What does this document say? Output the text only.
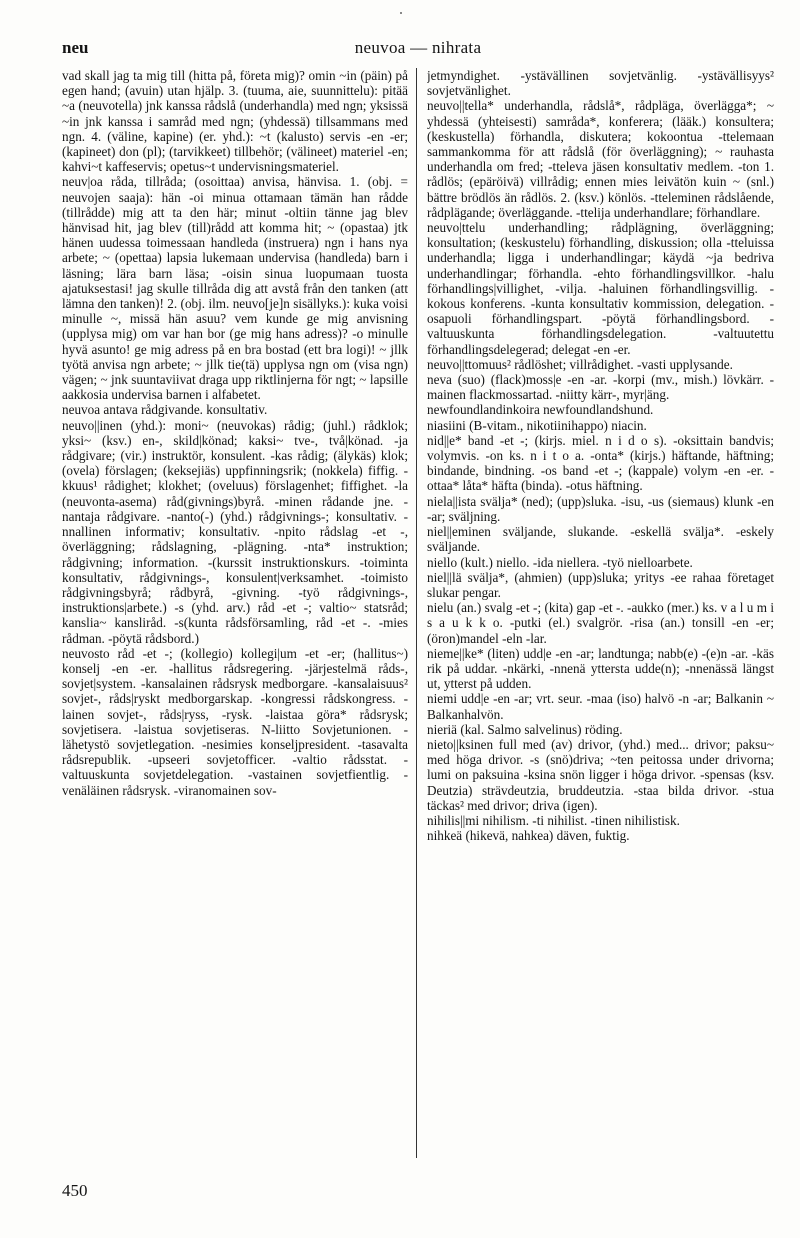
neu	neuvoa — nihrata

vad skall jag ta mig till (hitta på, företa mig)? omin ~in (päin) på egen hand; (avuin) utan hjälp. 3. (tuuma, aie, suunnittelu): pitää ~a (neuvotella) jnk kanssa rådslå (underhandla) med ngn; yksissä ~in jnk kanssa i samråd med ngn; (yhdessä) tillsammans med ngn. 4. (väline, kapine) (er. yhd.): ~t (kalusto) servis -en -er; (kapineet) don (pl); (tarvikkeet) tillbehör; (välineet) materiel -en; kahvi~t kaffeservis; opetus~t undervisningsmateriel.

neuv|oa råda, tillråda; (osoittaa) anvisa, hänvisa. 1. (obj. = neuvojen saaja): hän -oi minua ottamaan tämän han rådde (tillrådde) mig att ta den här; minut -oltiin tänne jag blev hänvisad hit, jag blev (till)rådd att komma hit; ~ (opastaa) jtk hänen uudessa toimessaan handleda (instruera) ngn i hans nya arbete; ~ (opettaa) lapsia lukemaan undervisa (handleda) barn i läsning; lära barn läsa; -oisin sinua luopumaan tuosta ajatuksestasi! jag skulle tillråda dig att avstå från den tanken (att lämna den tanken)! 2. (obj. ilm. neuvo[je]n sisällyks.): kuka voisi minulle ~, missä hän asuu? vem kunde ge mig anvisning (upplysa mig) om var han bor (ge mig hans adress)? -o minulle hyvä asunto! ge mig adress på en bra bostad (ett bra logi)! ~ jllk työtä anvisa ngn arbete; ~ jllk tie(tä) upplysa ngn om (visa ngn) vägen; ~ jnk suuntaviivat draga upp riktlinjerna för ngt; ~ lapsille aakkosia undervisa barnen i alfabetet.

neuvoa antava rådgivande. konsultativ.

neuvo||inen (yhd.): moni~ (neuvokas) rådig; (juhl.) rådklok; yksi~ (ksv.) en-, skild|könad; kaksi~ tve-, två|könad. -ja rådgivare; (vir.) instruktör, konsulent. -kas rådig; (älykäs) klok; (ovela) förslagen; (keksejiäs) uppfinningsrik; (nokkela) fiffig. -kkuus¹ rådighet; klokhet; (oveluus) förslagenhet; fiffighet. -la (neuvonta-asema) råd(givnings)byrå. -minen rådande jne. -nantaja rådgivare. -nanto(-) (yhd.) rådgivnings-; konsultativ. -nnallinen informativ; konsultativ. -npito rådslag -et -, överläggning; rådslagning, -plägning. -nta* instruktion; rådgivning; information. -(kurssit instruktionskurs. -toiminta konsultativ, rådgivnings-, konsulent|verksamhet. -toimisto rådgivningsbyrå; rådbyrå, -givning. -työ rådgivnings-, instruktions|arbete.) -s (yhd. arv.) råd -et -; valtio~ statsråd; kanslia~ kansliråd. -s(kunta rådsförsamling, råd -et -. -mies rådman. -pöytä rådsbord.)

neuvosto råd -et -; (kollegio) kollegi|um -et -er; (hallitus~) konselj -en -er. -hallitus rådsregering. -järjestelmä råds-, sovjet|system. -kansalainen rådsrysk medborgare. -kansalaisuus² sovjet-, råds|ryskt medborgarskap. -kongressi rådskongress. -lainen sovjet-, råds|ryss, -rysk. -laistaa göra* rådsrysk; sovjetisera. -laistua sovjetiseras. N-liitto Sovjetunionen. -lähetystö sovjetlegation. -nesimies konseljpresident. -tasavalta rådsrepublik. -upseeri sovjetofficer. -valtio rådsstat. -valtuuskunta sovjetdelegation. -vastainen sovjetfientlig. -venäläinen rådsrysk. -viranomainen sov-

jetmyndighet. -ystävällinen sovjetvänlig. -ystävällisyys² sovjetvänlighet.

neuvo||tella* underhandla, rådslå*, rådpläga, överlägga*; ~ yhdessä (yhteisesti) samråda*, konferera; (lääk.) konsultera; (keskustella) förhandla, diskutera; kokoontua -ttelemaan sammankomma för att rådslå (för överläggning); ~ rauhasta underhandla om fred; -tteleva jäsen konsultativ medlem. -ton 1. rådlös; (epäröivä) villrådig; ennen mies leivätön kuin ~ (snl.) bättre brödlös än rådlös. 2. (ksv.) könlös. -tteleminen rådslående, rådplägande; överläggande. -ttelija underhandlare; förhandlare.

neuvo|ttelu underhandling; rådplägning, överläggning; konsultation; (keskustelu) förhandling, diskussion; olla -tteluissa underhandla; ligga i underhandlingar; käydä ~ja bedriva underhandlingar; förhandla. -ehto förhandlingsvillkor. -halu förhandlings|villighet, -vilja. -haluinen förhandlingsvillig. -kokous konferens. -kunta konsultativ kommission, delegation. -osapuoli förhandlingspart. -pöytä förhandlingsbord. -valtuuskunta förhandlingsdelegation. -valtuutettu förhandlingsdelegerad; delegat -en -er.

neuvo||ttomuus² rådlöshet; villrådighet. -vasti upplysande.

neva (suo) (flack)moss|e -en -ar. -korpi (mv., mish.) lövkärr. -mainen flackmossartad. -niitty kärr-, myr|äng.

newfoundlandinkoira newfoundlandshund.

niasiini (B-vitam., nikotiinihappo) niacin.

nid||e* band -et -; (kirjs. miel. n i d o s). -oksittain bandvis; volymvis. -on ks. n i t o a. -onta* (kirjs.) häftande, häftning; bindande, bindning. -os band -et -; (kappale) volym -en -er. -ottaa* låta* häfta (binda). -otus häftning.

niela||ista svälja* (ned); (upp)sluka. -isu, -us (siemaus) klunk -en -ar; sväljning.

niel||eminen sväljande, slukande. -eskellä svälja*. -eskely sväljande.

niello (kult.) niello. -ida niellera. -työ nielloarbete.

niel||lä svälja*, (ahmien) (upp)sluka; yritys -ee rahaa företaget slukar pengar.

nielu (an.) svalg -et -; (kita) gap -et -. -aukko (mer.) ks. v a l u m i s a u k k o. -putki (el.) svalgrör. -risa (an.) tonsill -en -er; (öron)mandel -eln -lar.

nieme||ke* (liten) udd|e -en -ar; landtunga; nabb(e) -(e)n -ar. -käs rik på uddar. -nkärki, -nnenä yttersta udde(n); -nnenässä längst ut, ytterst på udden.

niemi udd|e -en -ar; vrt. seur. -maa (iso) halvö -n -ar; Balkanin ~ Balkanhalvön.

nieriä (kal. Salmo salvelinus) röding.

nieto||ksinen full med (av) drivor, (yhd.) med... drivor; paksu~ med höga drivor. -s (snö)driva; ~ten peitossa under drivorna; lumi on paksuina -ksina snön ligger i höga drivor. -spensas (ksv. Deutzia) strävdeutzia, bruddeutzia. -staa bilda drivor. -stua täckas² med drivor; driva (igen).

nihilis||mi nihilism. -ti nihilist. -tinen nihilistisk.

nihkeä (hikevä, nahkea) däven, fuktig.

450
